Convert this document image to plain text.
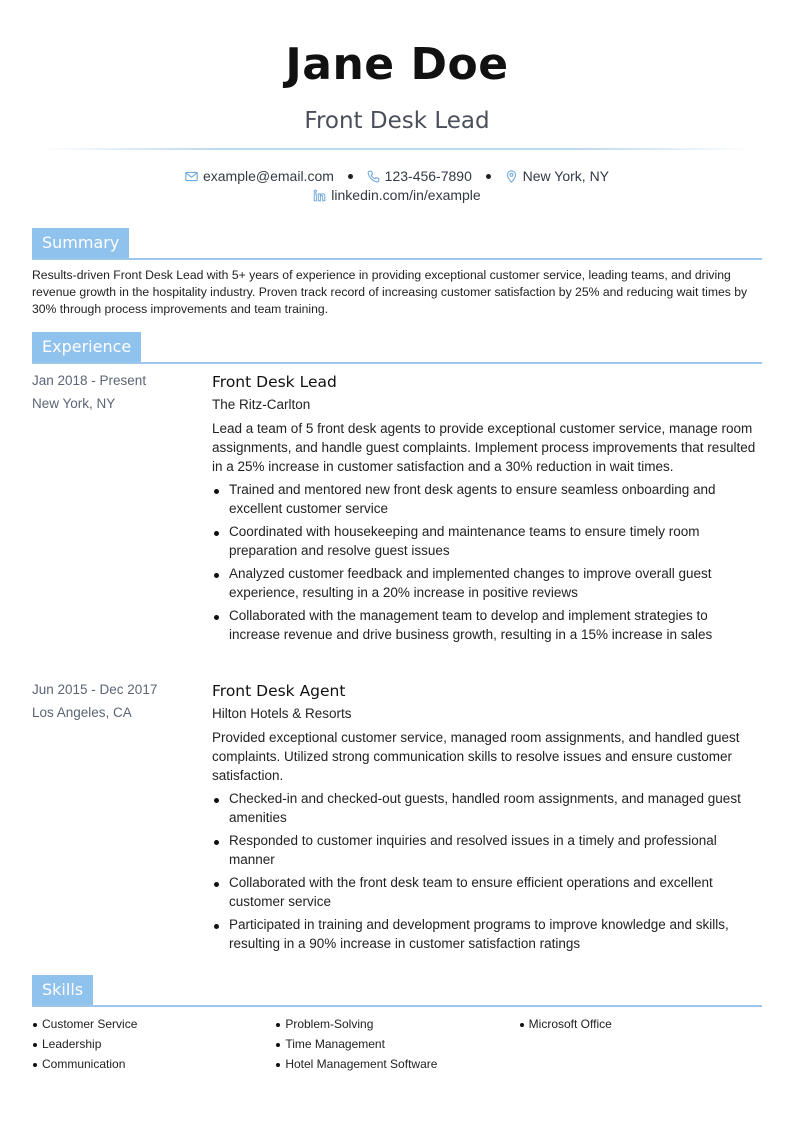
Jane Doe
Front Desk Lead
example@email.com
	123-456-7890
	New York, NY
linkedin.com/in/example
Summary

Results-driven Front Desk Lead with 5+ years of experience in providing exceptional customer service, leading teams, and driving revenue growth in the hospitality industry. Proven track record of increasing customer satisfaction by 25% and reducing wait times by 30% through process improvements and team training.

Experience
Jan 2018 - Present
New York, NY
Front Desk Lead
The Ritz-Carlton
Lead a team of 5 front desk agents to provide exceptional customer service, manage room assignments, and handle guest complaints. Implement process improvements that resulted in a 25% increase in customer satisfaction and a 30% reduction in wait times.
Trained and mentored new front desk agents to ensure seamless onboarding and excellent customer service
Coordinated with housekeeping and maintenance teams to ensure timely room preparation and resolve guest issues
Analyzed customer feedback and implemented changes to improve overall guest experience, resulting in a 20% increase in positive reviews
Collaborated with the management team to develop and implement strategies to increase revenue and drive business growth, resulting in a 15% increase in sales
Jun 2015 - Dec 2017
Los Angeles, CA
Front Desk Agent
Hilton Hotels & Resorts
Provided exceptional customer service, managed room assignments, and handled guest complaints. Utilized strong communication skills to resolve issues and ensure customer satisfaction.
Checked-in and checked-out guests, handled room assignments, and managed guest amenities
Responded to customer inquiries and resolved issues in a timely and professional manner
Collaborated with the front desk team to ensure efficient operations and excellent customer service
Participated in training and development programs to improve knowledge and skills, resulting in a 90% increase in customer satisfaction ratings
Skills
Customer Service
Leadership
Communication
Problem-Solving
Time Management
Hotel Management Software
Microsoft Office
